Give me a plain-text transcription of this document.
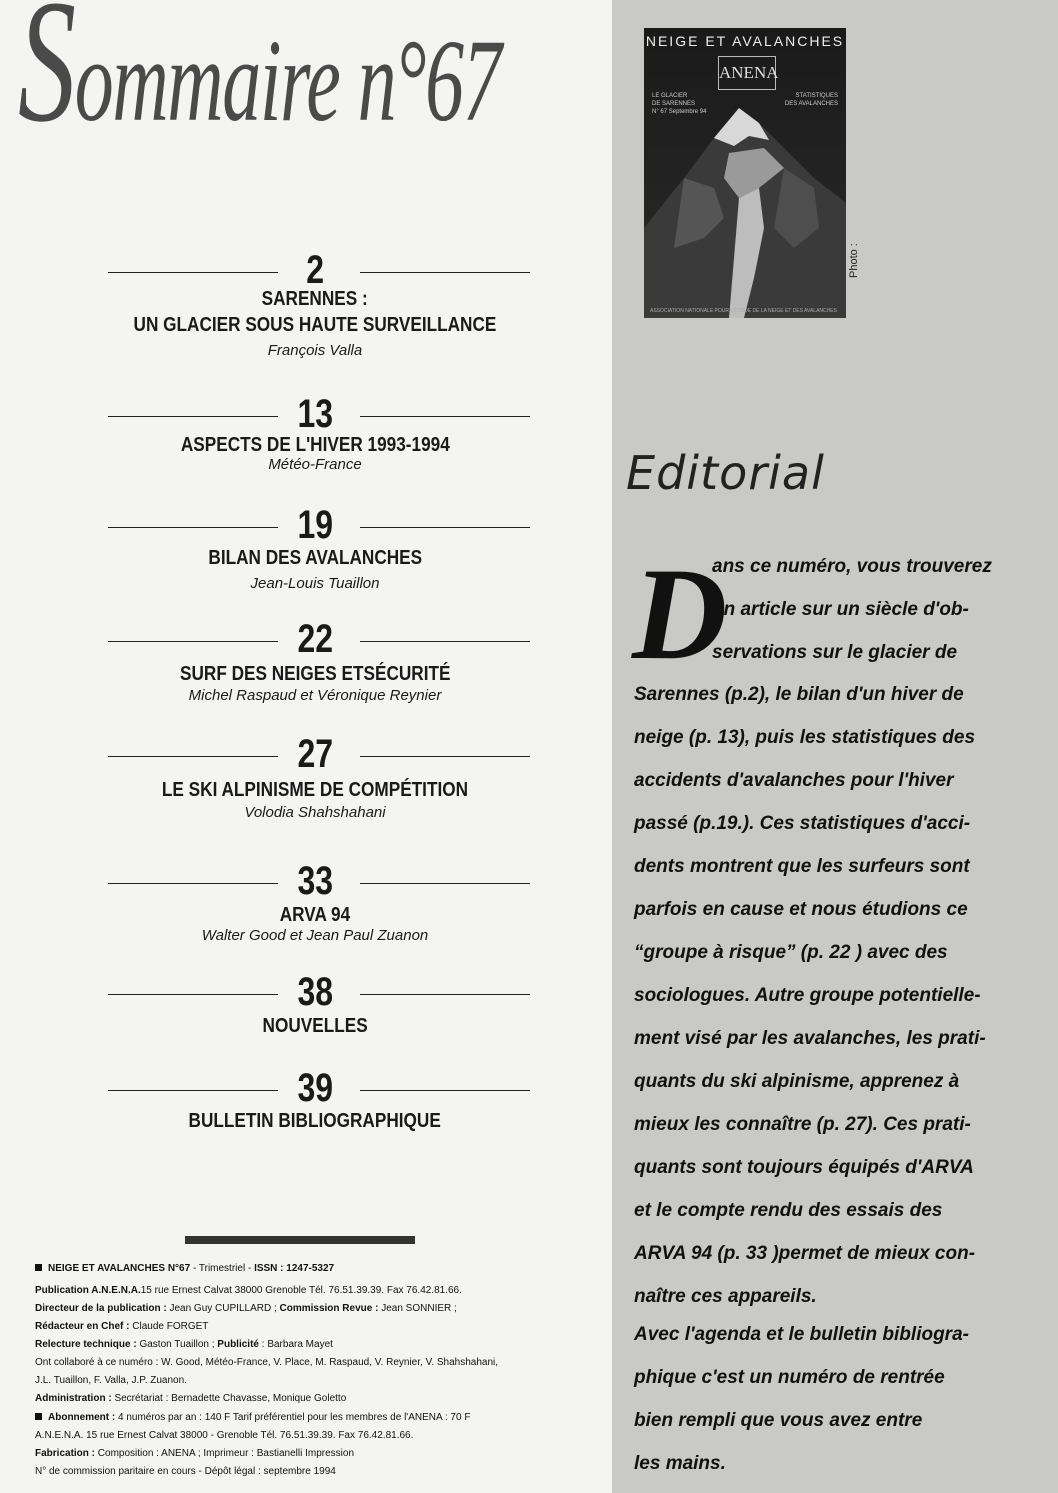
Sommaire n°67
2
SARENNES :
UN GLACIER SOUS HAUTE SURVEILLANCE
François Valla
13
ASPECTS DE L'HIVER 1993-1994
Météo-France
19
BILAN DES AVALANCHES
Jean-Louis Tuaillon
22
SURF DES NEIGES ETSÉCURITÉ
Michel Raspaud et Véronique Reynier
27
LE SKI ALPINISME DE COMPÉTITION
Volodia Shahshahani
33
ARVA 94
Walter Good et Jean Paul Zuanon
38
NOUVELLES
39
BULLETIN BIBLIOGRAPHIQUE
NEIGE ET AVALANCHES
ANENA
LE GLACIER
DE SARENNES
N° 67 Septembre 94
STATISTIQUES
DES AVALANCHES
ASSOCIATION NATIONALE POUR L'ÉTUDE DE LA NEIGE ET DES AVALANCHES
Photo :
Editorial
D
ans ce numéro, vous trouverez
un article sur un siècle d'ob-
servations sur le glacier de
Sarennes (p.2), le bilan d'un hiver de
neige (p. 13), puis les statistiques des
accidents d'avalanches pour l'hiver
passé (p.19.). Ces statistiques d'acci-
dents montrent que les surfeurs sont
parfois en cause et nous étudions ce
“groupe à risque” (p. 22 ) avec des
sociologues. Autre groupe potentielle-
ment visé par les avalanches, les prati-
quants du ski alpinisme, apprenez à
mieux les connaître (p. 27). Ces prati-
quants sont toujours équipés d'ARVA
et le compte rendu des essais des
ARVA 94 (p. 33 )permet de mieux con-
naître ces appareils.
Avec l'agenda et le bulletin bibliogra-
phique c'est un numéro de rentrée
bien rempli que vous avez entre
les mains.
NEIGE ET AVALANCHES N°67 - Trimestriel - ISSN : 1247-5327
Publication A.N.E.N.A.15 rue Ernest Calvat 38000 Grenoble Tél. 76.51.39.39. Fax 76.42.81.66.
Directeur de la publication : Jean Guy CUPILLARD ; Commission Revue : Jean SONNIER ;
Rédacteur en Chef : Claude FORGET
Relecture technique : Gaston Tuaillon ; Publicité : Barbara Mayet
Ont collaboré à ce numéro : W. Good, Météo-France, V. Place, M. Raspaud, V. Reynier, V. Shahshahani,
J.L. Tuaillon, F. Valla, J.P. Zuanon.
Administration : Secrétariat : Bernadette Chavasse, Monique Goletto
Abonnement : 4 numéros par an : 140 F Tarif préférentiel pour les membres de l'ANENA : 70 F
A.N.E.N.A. 15 rue Ernest Calvat 38000 - Grenoble Tél. 76.51.39.39. Fax 76.42.81.66.
Fabrication : Composition : ANENA ; Imprimeur : Bastianelli Impression
N° de commission paritaire en cours - Dépôt légal : septembre 1994
